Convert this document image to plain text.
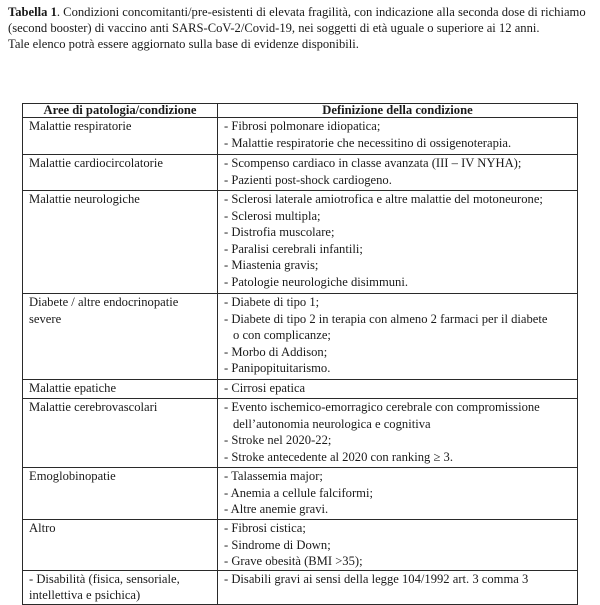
Tabella 1. Condizioni concomitanti/pre-esistenti di elevata fragilità, con indicazione alla seconda dose di richiamo (second booster) di vaccino anti SARS-CoV-2/Covid-19, nei soggetti di età uguale o superiore ai 12 anni.

Tale elenco potrà essere aggiornato sulla base di evidenze disponibili.

Aree di patologia/condizione	Definizione della condizione
Malattie respiratorie	- Fibrosi polmonare idiopatica;
- Malattie respiratorie che necessitino di ossigenoterapia.

Malattie cardiocircolatorie	- Scompenso cardiaco in classe avanzata (III – IV NYHA);
- Pazienti post-shock cardiogeno.

Malattie neurologiche	- Sclerosi laterale amiotrofica e altre malattie del motoneurone;
- Sclerosi multipla;
- Distrofia muscolare;
- Paralisi cerebrali infantili;
- Miastenia gravis;
- Patologie neurologiche disimmuni.

Diabete / altre endocrinopatie severe	- Diabete di tipo 1;
- Diabete di tipo 2 in terapia con almeno 2 farmaci per il diabete
o con complicanze;
- Morbo di Addison;
- Panipopituitarismo.

Malattie epatiche	- Cirrosi epatica

Malattie cerebrovascolari	- Evento ischemico-emorragico cerebrale con compromissione
dell’autonomia neurologica e cognitiva
- Stroke nel 2020-22;
- Stroke antecedente al 2020 con ranking ≥ 3.

Emoglobinopatie	- Talassemia major;
- Anemia a cellule falciformi;
- Altre anemie gravi.

Altro	- Fibrosi cistica;
- Sindrome di Down;
- Grave obesità (BMI >35);

- Disabilità (fisica, sensoriale, intellettiva e psichica)	- Disabili gravi ai sensi della legge 104/1992 art. 3 comma 3
